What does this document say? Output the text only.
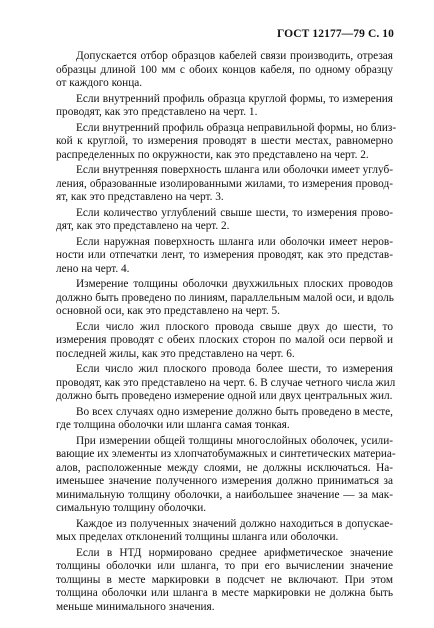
ГОСТ 12177—79 С. 10
Допускается отбор образцов кабелей связи производить, отрезая
образцы длиной 100 мм с обоих концов кабеля, по одному образцу
от каждого конца.
Если внутренний профиль образца круглой формы, то измерения
проводят, как это представлено на черт. 1.
Если внутренний профиль образца неправильной формы, но близ-
кой к круглой, то измерения проводят в шести местах, равномерно
распределенных по окружности, как это представлено на черт. 2.
Если внутренняя поверхность шланга или оболочки имеет углуб-
ления, образованные изолированными жилами, то измерения провод-
ят, как это представлено на черт. 3.
Если количество углублений свыше шести, то измерения прово-
дят, как это представлено на черт. 2.
Если наружная поверхность шланга или оболочки имеет неров-
ности или отпечатки лент, то измерения проводят, как это представ-
лено на черт. 4.
Измерение толщины оболочки двухжильных плоских проводов
должно быть проведено по линиям, параллельным малой оси, и вдоль
основной оси, как это представлено на черт. 5.
Если число жил плоского провода свыше двух до шести, то
измерения проводят с обеих плоских сторон по малой оси первой и
последней жилы, как это представлено на черт. 6.
Если число жил плоского провода более шести, то измерения
проводят, как это представлено на черт. 6. В случае четного числа жил
должно быть проведено измерение одной или двух центральных жил.
Во всех случаях одно измерение должно быть проведено в месте,
где толщина оболочки или шланга самая тонкая.
При измерении общей толщины многослойных оболочек, усили-
вающие их элементы из хлопчатобумажных и синтетических материа-
алов, расположенные между слоями, не должны исключаться. На-
именьшее значение полученного измерения должно приниматься за
минимальную толщину оболочки, а наибольшее значение — за мак-
симальную толщину оболочки.
Каждое из полученных значений должно находиться в допускае-
мых пределах отклонений толщины шланга или оболочки.
Если в НТД нормировано среднее арифметическое значение
толщины оболочки или шланга, то при его вычислении значение
толщины в месте маркировки в подсчет не включают. При этом
толщина оболочки или шланга в месте маркировки не должна быть
меньше минимального значения.
